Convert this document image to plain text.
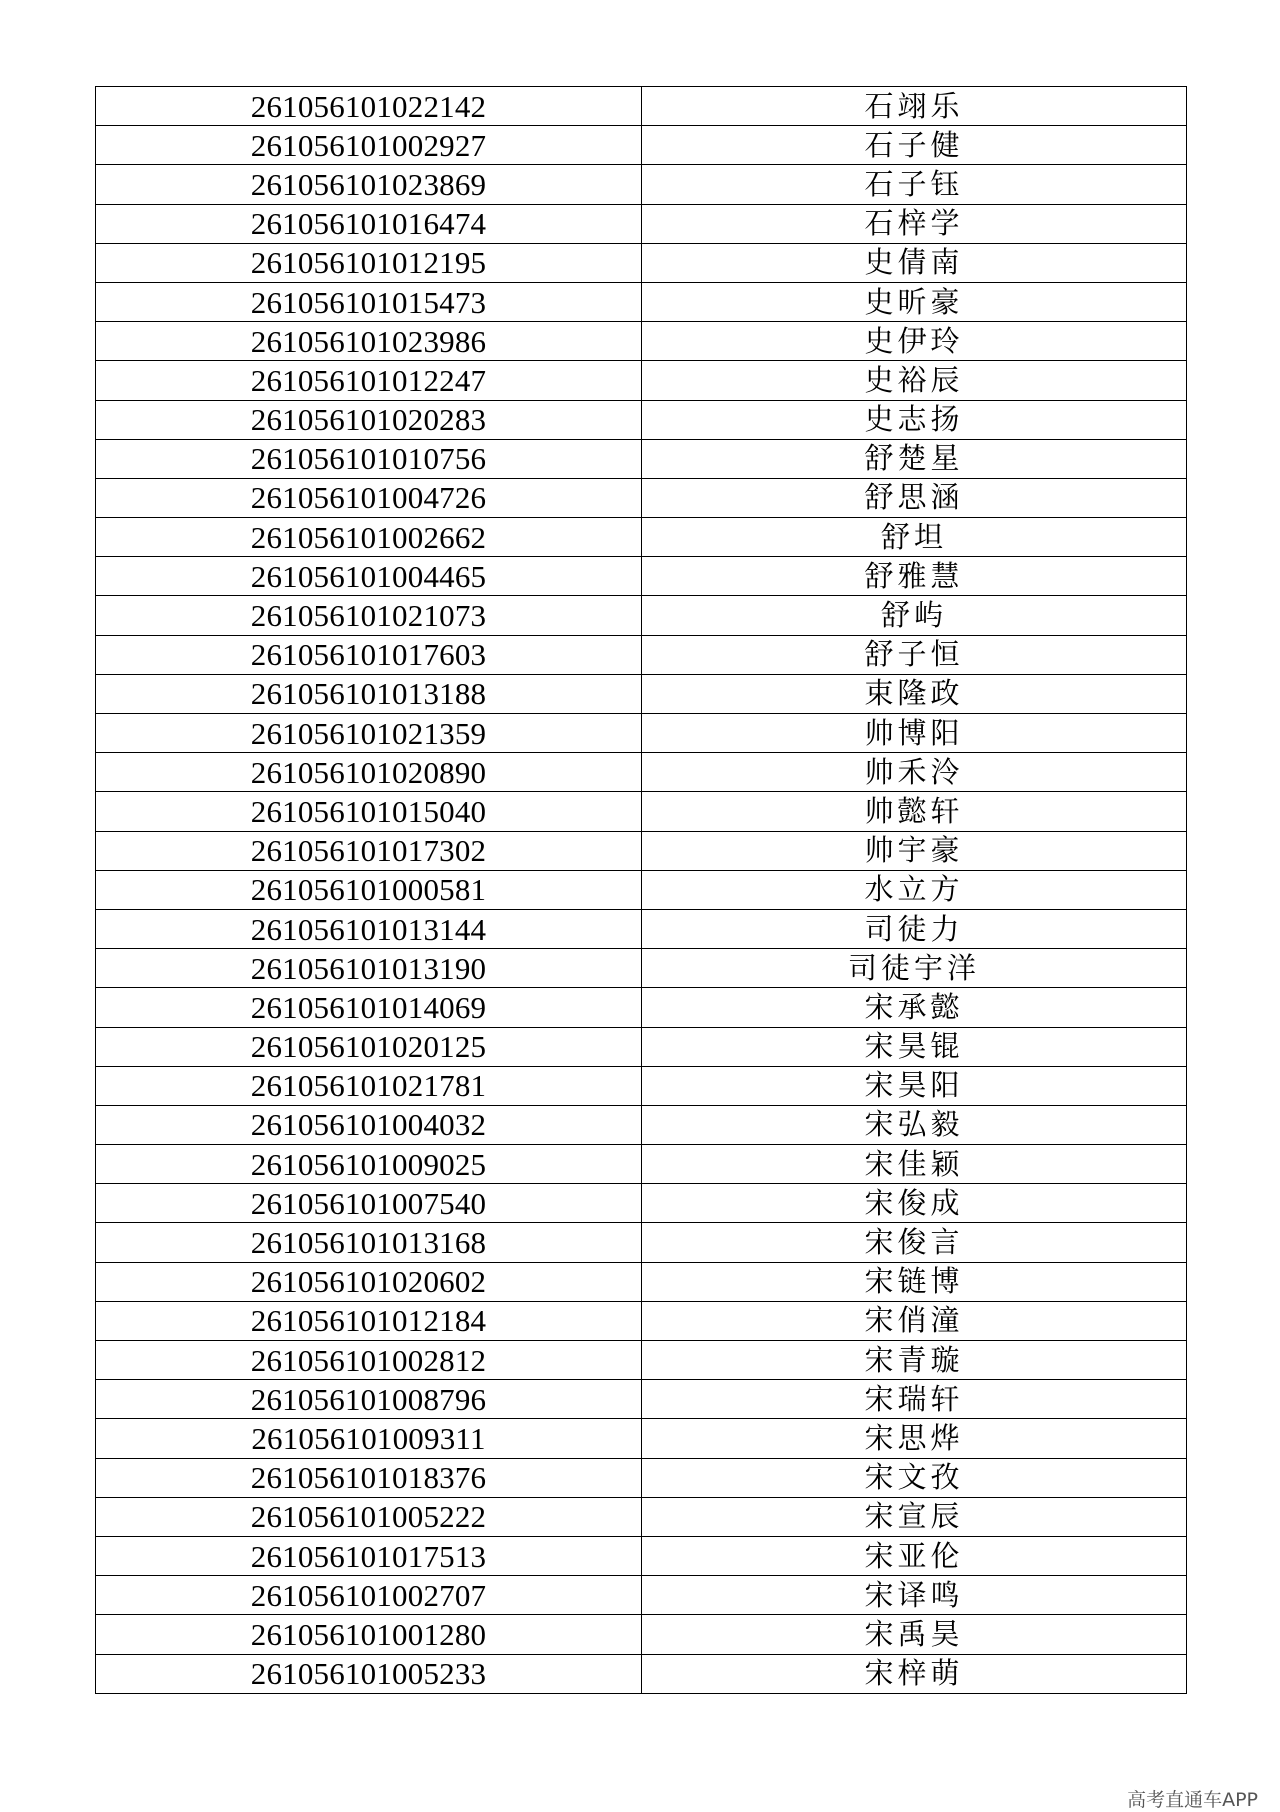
261056101022142	石翊乐
261056101002927	石子健
261056101023869	石子钰
261056101016474	石梓学
261056101012195	史倩南
261056101015473	史昕豪
261056101023986	史伊玲
261056101012247	史裕辰
261056101020283	史志扬
261056101010756	舒楚星
261056101004726	舒思涵
261056101002662	舒坦
261056101004465	舒雅慧
261056101021073	舒屿
261056101017603	舒子恒
261056101013188	束隆政
261056101021359	帅博阳
261056101020890	帅禾泠
261056101015040	帅懿轩
261056101017302	帅宇豪
261056101000581	水立方
261056101013144	司徒力
261056101013190	司徒宇洋
261056101014069	宋承懿
261056101020125	宋昊锟
261056101021781	宋昊阳
261056101004032	宋弘毅
261056101009025	宋佳颖
261056101007540	宋俊成
261056101013168	宋俊言
261056101020602	宋链博
261056101012184	宋俏潼
261056101002812	宋青璇
261056101008796	宋瑞轩
261056101009311	宋思烨
261056101018376	宋文孜
261056101005222	宋宣辰
261056101017513	宋亚伦
261056101002707	宋译鸣
261056101001280	宋禹昊
261056101005233	宋梓萌
高考直通车APP
